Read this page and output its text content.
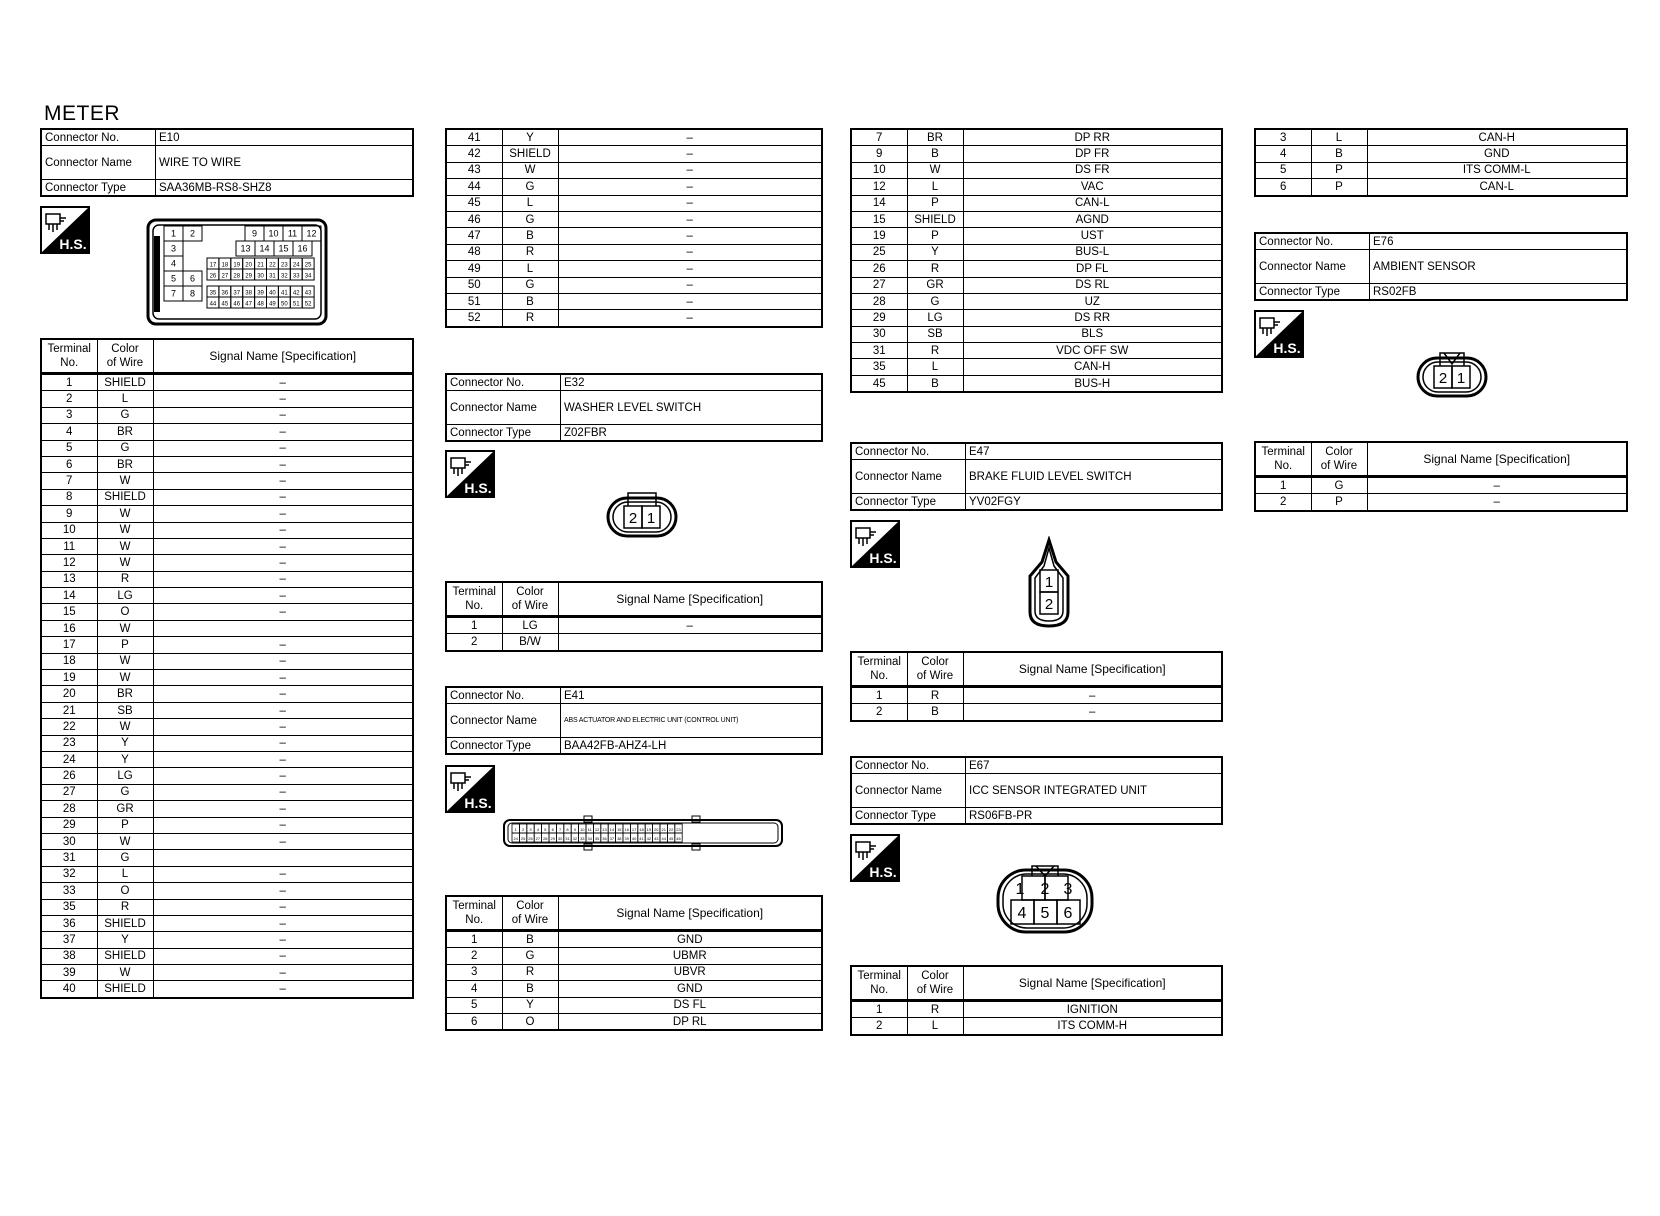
METER
Connector No.	E10
Connector Name	WIRE TO WIRE
Connector Type	SAA36MB-RS8-SHZ8
H.S.
1 2	9 10 11 12
3	13 14 15 16
4
5 6
7 8
17 18 19 20 21 22 23 24 25
26 27 28 29 30 31 32 33 34
35 36 37 38 39 40 41 42 43
44 45 46 47 48 49 50 51 52
Terminal
No.	Color
of Wire	Signal Name [Specification]
1	SHIELD	–
2	L	–
3	G	–
4	BR	–
5	G	–
6	BR	–
7	W	–
8	SHIELD	–
9	W	–
10	W	–
11	W	–
12	W	–
13	R	–
14	LG	–
15	O	–
16	W	
17	P	–
18	W	–
19	W	–
20	BR	–
21	SB	–
22	W	–
23	Y	–
24	Y	–
26	LG	–
27	G	–
28	GR	–
29	P	–
30	W	–
31	G	
32	L	–
33	O	–
35	R	–
36	SHIELD	–
37	Y	–
38	SHIELD	–
39	W	–
40	SHIELD	–
41	Y	–
42	SHIELD	–
43	W	–
44	G	–
45	L	–
46	G	–
47	B	–
48	R	–
49	L	–
50	G	–
51	B	–
52	R	–
Connector No.	E32
Connector Name	WASHER LEVEL SWITCH
Connector Type	Z02FBR
H.S.
2 1
Terminal
No.	Color
of Wire	Signal Name [Specification]
1	LG	–
2	B/W	
Connector No.	E41
Connector Name	ABS ACTUATOR AND ELECTRIC UNIT (CONTROL UNIT)
Connector Type	BAA42FB-AHZ4-LH
H.S.
1 2 3 4 5 6 7 8 9 10 11 12 13 14 15 16 17 18 19 20 21 22 23
24 25 26 27 28 29 30 31 32 33 34 35 36 37 38 39 40 41 42 43 44 45 46
Terminal
No.	Color
of Wire	Signal Name [Specification]
1	B	GND
2	G	UBMR
3	R	UBVR
4	B	GND
5	Y	DS FL
6	O	DP RL
7	BR	DP RR
9	B	DP FR
10	W	DS FR
12	L	VAC
14	P	CAN-L
15	SHIELD	AGND
19	P	UST
25	Y	BUS-L
26	R	DP FL
27	GR	DS RL
28	G	UZ
29	LG	DS RR
30	SB	BLS
31	R	VDC OFF SW
35	L	CAN-H
45	B	BUS-H
Connector No.	E47
Connector Name	BRAKE FLUID LEVEL SWITCH
Connector Type	YV02FGY
H.S.
1
2
Terminal
No.	Color
of Wire	Signal Name [Specification]
1	R	–
2	B	–
Connector No.	E67
Connector Name	ICC SENSOR INTEGRATED UNIT
Connector Type	RS06FB-PR
H.S.
1 2 3
4 5 6
Terminal
No.	Color
of Wire	Signal Name [Specification]
1	R	IGNITION
2	L	ITS COMM-H
3	L	CAN-H
4	B	GND
5	P	ITS COMM-L
6	P	CAN-L
Connector No.	E76
Connector Name	AMBIENT SENSOR
Connector Type	RS02FB
H.S.
2 1
Terminal
No.	Color
of Wire	Signal Name [Specification]
1	G	–
2	P	–
